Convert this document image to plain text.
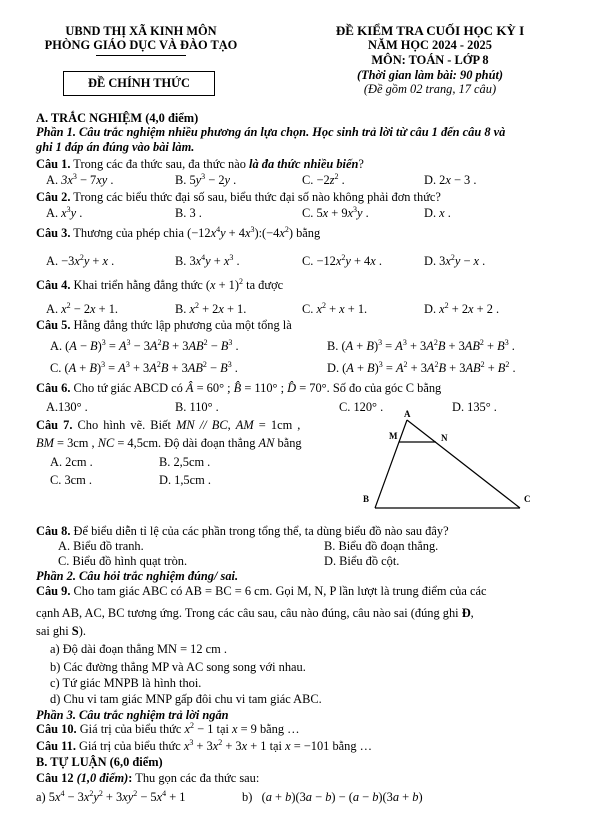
UBND THỊ XÃ KINH MÔN
PHÒNG GIÁO DỤC VÀ ĐÀO TẠO
ĐỀ CHÍNH THỨC
ĐỀ KIỂM TRA CUỐI HỌC KỲ I
NĂM HỌC 2024 - 2025
MÔN: TOÁN - LỚP 8
(Thời gian làm bài: 90 phút)
(Đề gồm 02 trang, 17 câu)
A. TRẮC NGHIỆM (4,0 điểm)
Phần 1. Câu trắc nghiệm nhiều phương án lựa chọn. Học sinh trả lời từ câu 1 đến câu 8 và
ghi 1 đáp án đúng vào bài làm.
Câu 1. Trong các đa thức sau, đa thức nào là đa thức nhiều biến?
A. $3x^3 - 7xy$ .	B. $5y^3 - 2y$ .	C. $-2z^2$ .	D. 2x − 3 .
Câu 2. Trong các biểu thức đại số sau, biểu thức đại số nào không phải đơn thức?
A. $x^3y$ .	B. 3 .	C. $5x + 9x^3y$ .	D. x .
Câu 3. Thương của phép chia ($-12x^4y$ + $4x^3):(-4x^2)$ bằng
A. $-3x^2y + x$ .	B. $3x^4y + x^3$ .	C. $-12x^2y + 4x$ .	D. $3x^2y - x$ .
Câu 4. Khai triển hằng đẳng thức $(x + 1)^2$ ta được
A. $x^2 - 2x + 1$.	B. $x^2 + 2x + 1$.	C. $x^2 + x + 1$.	D. $x^2 + 2x + 2$ .
Câu 5. Hằng đẳng thức lập phương của một tổng là
A. $(A - B)^3 = A^3 - 3A^2B + 3AB^2 - B^3$ .	B. $(A + B)^3 = A^3 + 3A^2B + 3AB^2 + B^3$ .
C. $(A + B)^3 = A^3 + 3A^2B + 3AB^2 - B^3$ .	D. $(A + B)^3 = A^2 + 3A^2B + 3AB^2 + B^2$ .
Câu 6. Cho tứ giác ABCD có Â = 60° ; B̂ = 110° ; D̂ = 70°. Số đo của góc C bằng
A.130° .	B. 110° .	C. 120° .	D. 135° .
Câu 7. Cho hình vẽ. Biết MN // BC, AM = 1cm ,
BM = 3cm , NC = 4,5cm. Độ dài đoạn thẳng AN bằng
A. 2cm .	B. 2,5cm .
C. 3cm .	D. 1,5cm .
A
M	N
B	C
Câu 8. Để biểu diễn tỉ lệ của các phần trong tổng thể, ta dùng biểu đồ nào sau đây?
A. Biểu đồ tranh.	B. Biểu đồ đoạn thẳng.
C. Biểu đồ hình quạt tròn.	D. Biểu đồ cột.
Phần 2. Câu hỏi trắc nghiệm đúng/ sai.
Câu 9. Cho tam giác ABC có AB = BC = 6 cm. Gọi M, N, P lần lượt là trung điểm của các
cạnh AB, AC, BC tương ứng. Trong các câu sau, câu nào đúng, câu nào sai (đúng ghi Đ,
sai ghi S).
a) Độ dài đoạn thẳng MN = 12 cm .
b) Các đường thẳng MP và AC song song với nhau.
c) Tứ giác MNPB là hình thoi.
d) Chu vi tam giác MNP gấp đôi chu vi tam giác ABC.
Phần 3. Câu trắc nghiệm trả lời ngắn
Câu 10. Giá trị của biểu thức $x^2 - 1$ tại x = 9 bằng …
Câu 11. Giá trị của biểu thức $x^3 + 3x^2 + 3x + 1$ tại x = −101 bằng …
B. TỰ LUẬN (6,0 điểm)
Câu 12 (1,0 điểm): Thu gọn các đa thức sau:
a) $5x^4 - 3x^2y^2 + 3xy^2 - 5x^4 + 1$	b)   (a + b)(3a − b) − (a − b)(3a + b)
